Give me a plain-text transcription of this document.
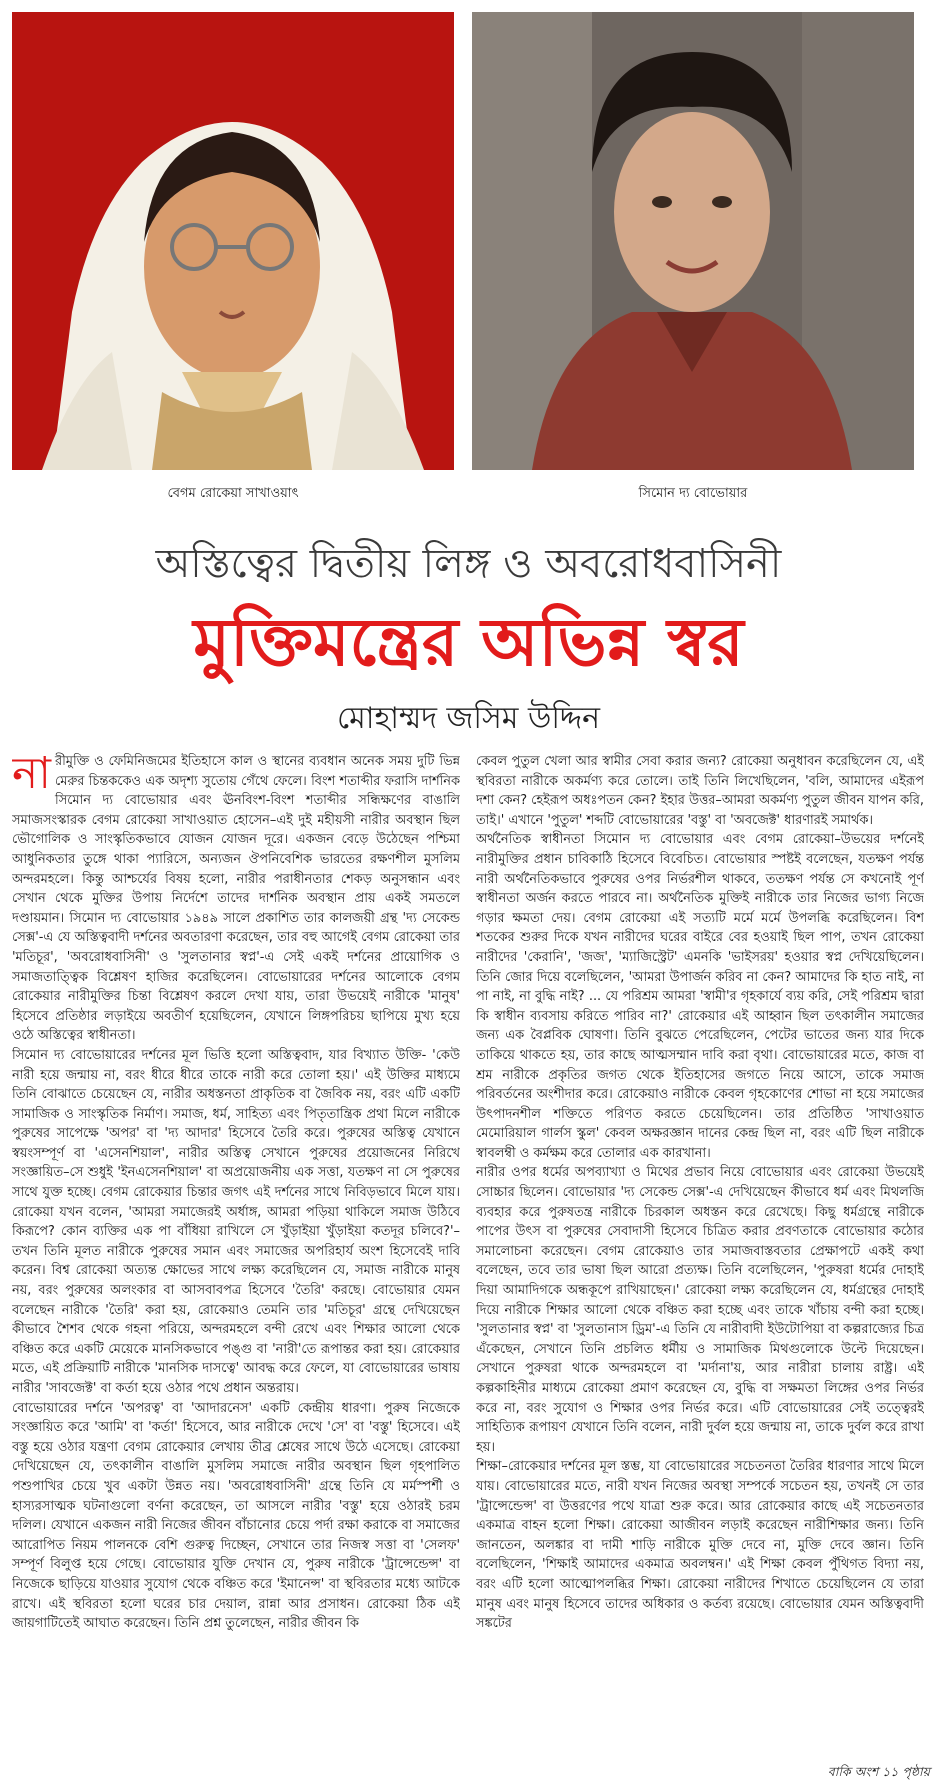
বেগম রোকেয়া সাখাওয়াৎ	সিমোন দ্য বোভোয়ার
অস্তিত্বের দ্বিতীয় লিঙ্গ ও অবরোধবাসিনী
মুক্তিমন্ত্রের অভিন্ন স্বর
মোহাম্মদ জসিম উদ্দিন

নারীমুক্তি ও ফেমিনিজমের ইতিহাসে কাল ও স্থানের ব্যবধান অনেক সময় দুটি ভিন্ন মেরুর চিন্তককেও এক অদৃশ্য সুতোয় গেঁথে ফেলে। বিংশ শতাব্দীর ফরাসি দার্শনিক সিমোন দ্য বোভোয়ার এবং ঊনবিংশ-বিংশ শতাব্দীর সন্ধিক্ষণের বাঙালি সমাজসংস্কারক বেগম রোকেয়া সাখাওয়াত হোসেন–এই দুই মহীয়সী নারীর অবস্থান ছিল ভৌগোলিক ও সাংস্কৃতিকভাবে যোজন যোজন দূরে। একজন বেড়ে উঠেছেন পশ্চিমা আধুনিকতার তুঙ্গে থাকা প্যারিসে, অন্যজন ঔপনিবেশিক ভারতের রক্ষণশীল মুসলিম অন্দরমহলে। কিন্তু আশ্চর্যের বিষয় হলো, নারীর পরাধীনতার শেকড় অনুসন্ধান এবং সেখান থেকে মুক্তির উপায় নির্দেশে তাদের দার্শনিক অবস্থান প্রায় একই সমতলে দণ্ডায়মান। সিমোন দ্য বোভোয়ার ১৯৪৯ সালে প্রকাশিত তার কালজয়ী গ্রন্থ 'দ্য সেকেন্ড সেক্স'-এ যে অস্তিত্ববাদী দর্শনের অবতারণা করেছেন, তার বহু আগেই বেগম রোকেয়া তার 'মতিচূর', 'অবরোধবাসিনী' ও 'সুলতানার স্বপ্ন'-এ সেই একই দর্শনের প্রায়োগিক ও সমাজতাত্ত্বিক বিশ্লেষণ হাজির করেছিলেন। বোভোয়ারের দর্শনের আলোকে বেগম রোকেয়ার নারীমুক্তির চিন্তা বিশ্লেষণ করলে দেখা যায়, তারা উভয়েই নারীকে 'মানুষ' হিসেবে প্রতিষ্ঠার লড়াইয়ে অবতীর্ণ হয়েছিলেন, যেখানে লিঙ্গপরিচয় ছাপিয়ে মুখ্য হয়ে ওঠে অস্তিত্বের স্বাধীনতা।

সিমোন দ্য বোভোয়ারের দর্শনের মূল ভিত্তি হলো অস্তিত্ববাদ, যার বিখ্যাত উক্তি- 'কেউ নারী হয়ে জন্মায় না, বরং ধীরে ধীরে তাকে নারী করে তোলা হয়।' এই উক্তির মাধ্যমে তিনি বোঝাতে চেয়েছেন যে, নারীর অধস্তনতা প্রাকৃতিক বা জৈবিক নয়, বরং এটি একটি সামাজিক ও সাংস্কৃতিক নির্মাণ। সমাজ, ধর্ম, সাহিত্য এবং পিতৃতান্ত্রিক প্রথা মিলে নারীকে পুরুষের সাপেক্ষে 'অপর' বা 'দ্য আদার' হিসেবে তৈরি করে। পুরুষের অস্তিত্ব যেখানে স্বয়ংসম্পূর্ণ বা 'এসেনশিয়াল', নারীর অস্তিত্ব সেখানে পুরুষের প্রয়োজনের নিরিখে সংজ্ঞায়িত–সে শুধুই 'ইনএসেনশিয়াল' বা অপ্রয়োজনীয় এক সত্তা, যতক্ষণ না সে পুরুষের সাথে যুক্ত হচ্ছে। বেগম রোকেয়ার চিন্তার জগৎ এই দর্শনের সাথে নিবিড়ভাবে মিলে যায়। রোকেয়া যখন বলেন, 'আমরা সমাজেরই অর্ধাঙ্গ, আমরা পড়িয়া থাকিলে সমাজ উঠিবে কিরূপে? কোন ব্যক্তির এক পা বাঁধিয়া রাখিলে সে খুঁড়াইয়া খুঁড়াইয়া কতদূর চলিবে?'–তখন তিনি মূলত নারীকে পুরুষের সমান এবং সমাজের অপরিহার্য অংশ হিসেবেই দাবি করেন। বিশ্ব রোকেয়া অত্যন্ত ক্ষোভের সাথে লক্ষ্য করেছিলেন যে, সমাজ নারীকে মানুষ নয়, বরং পুরুষের অলংকার বা আসবাবপত্র হিসেবে 'তৈরি' করছে। বোভোয়ার যেমন বলেছেন নারীকে 'তৈরি' করা হয়, রোকেয়াও তেমনি তার 'মতিচূর' গ্রন্থে দেখিয়েছেন কীভাবে শৈশব থেকে গহনা পরিয়ে, অন্দরমহলে বন্দী রেখে এবং শিক্ষার আলো থেকে বঞ্চিত করে একটি মেয়েকে মানসিকভাবে পঙ্গু বা 'নারী'তে রূপান্তর করা হয়। রোকেয়ার মতে, এই প্রক্রিয়াটি নারীকে 'মানসিক দাসত্বে' আবদ্ধ করে ফেলে, যা বোভোয়ারের ভাষায় নারীর 'সাবজেক্ট' বা কর্তা হয়ে ওঠার পথে প্রধান অন্তরায়।

বোভোয়ারের দর্শনে 'অপরত্ব' বা 'আদারনেস' একটি কেন্দ্রীয় ধারণা। পুরুষ নিজেকে সংজ্ঞায়িত করে 'আমি' বা 'কর্তা' হিসেবে, আর নারীকে দেখে 'সে' বা 'বস্তু' হিসেবে। এই বস্তু হয়ে ওঠার যন্ত্রণা বেগম রোকেয়ার লেখায় তীব্র শ্লেষের সাথে উঠে এসেছে। রোকেয়া দেখিয়েছেন যে, তৎকালীন বাঙালি মুসলিম সমাজে নারীর অবস্থান ছিল গৃহপালিত পশুপাখির চেয়ে খুব একটা উন্নত নয়। 'অবরোধবাসিনী' গ্রন্থে তিনি যে মর্মস্পর্শী ও হাস্যরসাত্মক ঘটনাগুলো বর্ণনা করেছেন, তা আসলে নারীর 'বস্তু' হয়ে ওঠারই চরম দলিল। যেখানে একজন নারী নিজের জীবন বাঁচানোর চেয়ে পর্দা রক্ষা করাকে বা সমাজের আরোপিত নিয়ম পালনকে বেশি গুরুত্ব দিচ্ছেন, সেখানে তার নিজস্ব সত্তা বা 'সেলফ' সম্পূর্ণ বিলুপ্ত হয়ে গেছে। বোভোয়ার যুক্তি দেখান যে, পুরুষ নারীকে 'ট্রান্সেন্ডেন্স' বা নিজেকে ছাড়িয়ে যাওয়ার সুযোগ থেকে বঞ্চিত করে 'ইমানেন্স' বা স্থবিরতার মধ্যে আটকে রাখে। এই স্থবিরতা হলো ঘরের চার দেয়াল, রান্না আর প্রসাধন। রোকেয়া ঠিক এই জায়গাটিতেই আঘাত করেছেন। তিনি প্রশ্ন তুলেছেন, নারীর জীবন কি

কেবল পুতুল খেলা আর স্বামীর সেবা করার জন্য? রোকেয়া অনুধাবন করেছিলেন যে, এই স্থবিরতা নারীকে অকর্মণ্য করে তোলে। তাই তিনি লিখেছিলেন, 'বলি, আমাদের এইরূপ দশা কেন? হেইরূপ অধঃপতন কেন? ইহার উত্তর–আমরা অকর্মণ্য পুতুল জীবন যাপন করি, তাই।' এখানে 'পুতুল' শব্দটি বোভোয়ারের 'বস্তু' বা 'অবজেক্ট' ধারণারই সমার্থক।

অর্থনৈতিক স্বাধীনতা সিমোন দ্য বোভোয়ার এবং বেগম রোকেয়া–উভয়ের দর্শনেই নারীমুক্তির প্রধান চাবিকাঠি হিসেবে বিবেচিত। বোভোয়ার স্পষ্টই বলেছেন, যতক্ষণ পর্যন্ত নারী অর্থনৈতিকভাবে পুরুষের ওপর নির্ভরশীল থাকবে, ততক্ষণ পর্যন্ত সে কখনোই পূর্ণ স্বাধীনতা অর্জন করতে পারবে না। অর্থনৈতিক মুক্তিই নারীকে তার নিজের ভাগ্য নিজে গড়ার ক্ষমতা দেয়। বেগম রোকেয়া এই সত্যটি মর্মে মর্মে উপলব্ধি করেছিলেন। বিশ শতকের শুরুর দিকে যখন নারীদের ঘরের বাইরে বের হওয়াই ছিল পাপ, তখন রোকেয়া নারীদের 'কেরানি', 'জজ', 'ম্যাজিস্ট্রেট' এমনকি 'ভাইসরয়' হওয়ার স্বপ্ন দেখিয়েছিলেন। তিনি জোর দিয়ে বলেছিলেন, 'আমরা উপার্জন করিব না কেন? আমাদের কি হাত নাই, না পা নাই, না বুদ্ধি নাই? ... যে পরিশ্রম আমরা 'স্বামী'র গৃহকার্যে ব্যয় করি, সেই পরিশ্রম দ্বারা কি স্বাধীন ব্যবসায় করিতে পারিব না?' রোকেয়ার এই আহ্বান ছিল তৎকালীন সমাজের জন্য এক বৈপ্লবিক ঘোষণা। তিনি বুঝতে পেরেছিলেন, পেটের ভাতের জন্য যার দিকে তাকিয়ে থাকতে হয়, তার কাছে আত্মসম্মান দাবি করা বৃথা। বোভোয়ারের মতে, কাজ বা শ্রম নারীকে প্রকৃতির জগত থেকে ইতিহাসের জগতে নিয়ে আসে, তাকে সমাজ পরিবর্তনের অংশীদার করে। রোকেয়াও নারীকে কেবল গৃহকোণের শোভা না হয়ে সমাজের উৎপাদনশীল শক্তিতে পরিণত করতে চেয়েছিলেন। তার প্রতিষ্ঠিত 'সাখাওয়াত মেমোরিয়াল গার্লস স্কুল' কেবল অক্ষরজ্ঞান দানের কেন্দ্র ছিল না, বরং এটি ছিল নারীকে স্বাবলম্বী ও কর্মক্ষম করে তোলার এক কারখানা।

নারীর ওপর ধর্মের অপব্যাখ্যা ও মিথের প্রভাব নিয়ে বোভোয়ার এবং রোকেয়া উভয়েই সোচ্চার ছিলেন। বোভোয়ার 'দ্য সেকেন্ড সেক্স'-এ দেখিয়েছেন কীভাবে ধর্ম এবং মিথলজি ব্যবহার করে পুরুষতন্ত্র নারীকে চিরকাল অধস্তন করে রেখেছে। কিছু ধর্মগ্রন্থে নারীকে পাপের উৎস বা পুরুষের সেবাদাসী হিসেবে চিত্রিত করার প্রবণতাকে বোভোয়ার কঠোর সমালোচনা করেছেন। বেগম রোকেয়াও তার সমাজবাস্তবতার প্রেক্ষাপটে একই কথা বলেছেন, তবে তার ভাষা ছিল আরো প্রত্যক্ষ। তিনি বলেছিলেন, 'পুরুষরা ধর্মের দোহাই দিয়া আমাদিগকে অন্ধকূপে রাখিয়াছেন।' রোকেয়া লক্ষ্য করেছিলেন যে, ধর্মগ্রন্থের দোহাই দিয়ে নারীকে শিক্ষার আলো থেকে বঞ্চিত করা হচ্ছে এবং তাকে খাঁচায় বন্দী করা হচ্ছে। 'সুলতানার স্বপ্ন' বা 'সুলতানাস ড্রিম'-এ তিনি যে নারীবাদী ইউটোপিয়া বা কল্পরাজ্যের চিত্র এঁকেছেন, সেখানে তিনি প্রচলিত ধর্মীয় ও সামাজিক মিথগুলোকে উল্টে দিয়েছেন। সেখানে পুরুষরা থাকে অন্দরমহলে বা 'মর্দানা'য়, আর নারীরা চালায় রাষ্ট্র। এই কল্পকাহিনীর মাধ্যমে রোকেয়া প্রমাণ করেছেন যে, বুদ্ধি বা সক্ষমতা লিঙ্গের ওপর নির্ভর করে না, বরং সুযোগ ও শিক্ষার ওপর নির্ভর করে। এটি বোভোয়ারের সেই তত্ত্বেরই সাহিত্যিক রূপায়ণ যেখানে তিনি বলেন, নারী দুর্বল হয়ে জন্মায় না, তাকে দুর্বল করে রাখা হয়।

শিক্ষা–রোকেয়ার দর্শনের মূল স্তম্ভ, যা বোভোয়ারের সচেতনতা তৈরির ধারণার সাথে মিলে যায়। বোভোয়ারের মতে, নারী যখন নিজের অবস্থা সম্পর্কে সচেতন হয়, তখনই সে তার 'ট্রান্সেন্ডেন্স' বা উত্তরণের পথে যাত্রা শুরু করে। আর রোকেয়ার কাছে এই সচেতনতার একমাত্র বাহন হলো শিক্ষা। রোকেয়া আজীবন লড়াই করেছেন নারীশিক্ষার জন্য। তিনি জানতেন, অলঙ্কার বা দামী শাড়ি নারীকে মুক্তি দেবে না, মুক্তি দেবে জ্ঞান। তিনি বলেছিলেন, 'শিক্ষাই আমাদের একমাত্র অবলম্বন।' এই শিক্ষা কেবল পুঁথিগত বিদ্যা নয়, বরং এটি হলো আত্মোপলব্ধির শিক্ষা। রোকেয়া নারীদের শিখাতে চেয়েছিলেন যে তারা মানুষ এবং মানুষ হিসেবে তাদের অধিকার ও কর্তব্য রয়েছে। বোভোয়ার যেমন অস্তিত্ববাদী সঙ্কটের

বাকি অংশ ১১ পৃষ্ঠায়
